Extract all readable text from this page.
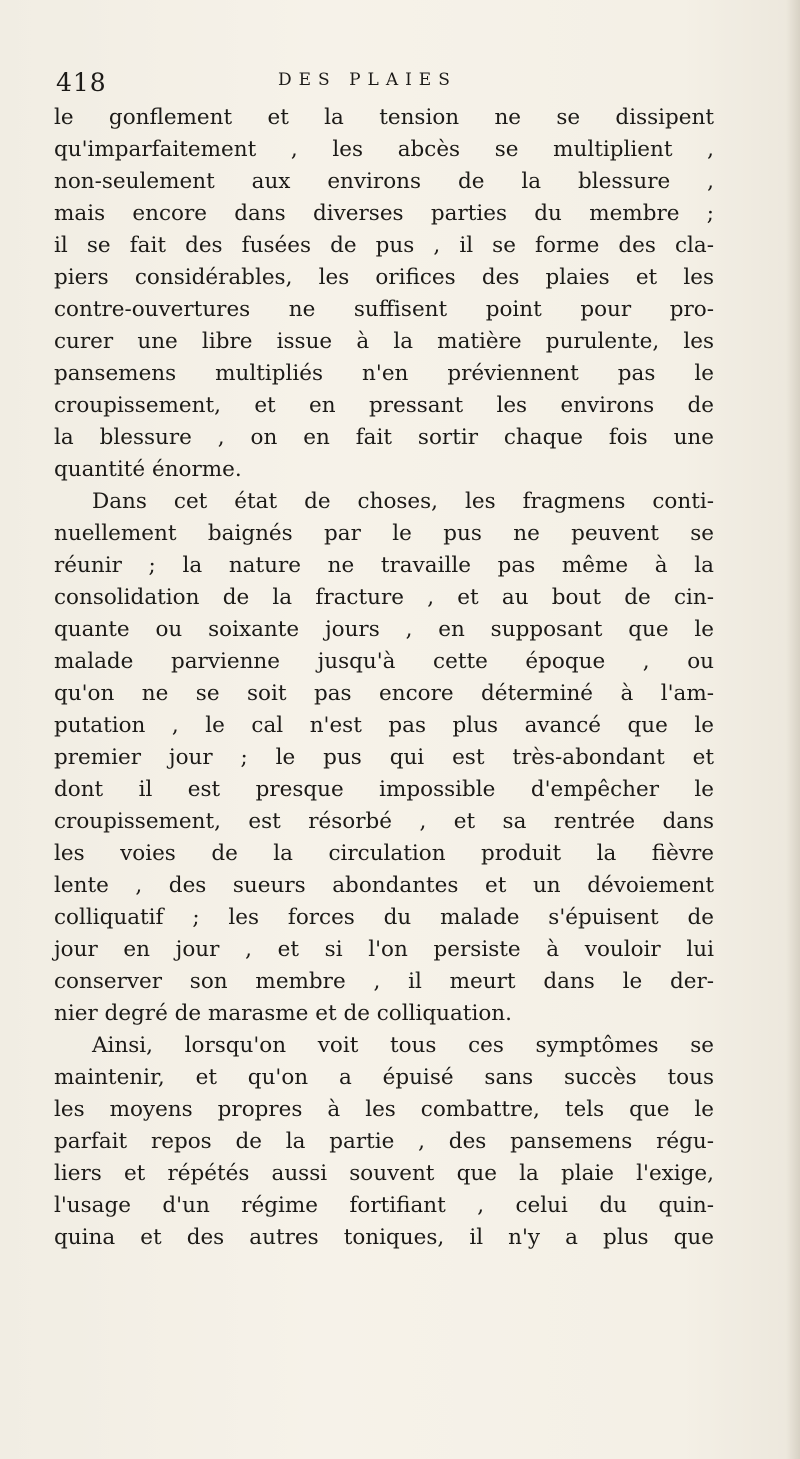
418	DES PLAIES
le gonflement et la tension ne se dissipent
qu'imparfaitement , les abcès se multiplient ,
non-seulement aux environs de la blessure ,
mais encore dans diverses parties du membre ;
il se fait des fusées de pus , il se forme des cla-
piers considérables, les orifices des plaies et les
contre-ouvertures ne suffisent point pour pro-
curer une libre issue à la matière purulente, les
pansemens multipliés n'en préviennent pas le
croupissement, et en pressant les environs de
la blessure , on en fait sortir chaque fois une
quantité énorme.
Dans cet état de choses, les fragmens conti-
nuellement baignés par le pus ne peuvent se
réunir ; la nature ne travaille pas même à la
consolidation de la fracture , et au bout de cin-
quante ou soixante jours , en supposant que le
malade parvienne jusqu'à cette époque , ou
qu'on ne se soit pas encore déterminé à l'am-
putation , le cal n'est pas plus avancé que le
premier jour ; le pus qui est très-abondant et
dont il est presque impossible d'empêcher le
croupissement, est résorbé , et sa rentrée dans
les voies de la circulation produit la fièvre
lente , des sueurs abondantes et un dévoiement
colliquatif ; les forces du malade s'épuisent de
jour en jour , et si l'on persiste à vouloir lui
conserver son membre , il meurt dans le der-
nier degré de marasme et de colliquation.
Ainsi, lorsqu'on voit tous ces symptômes se
maintenir, et qu'on a épuisé sans succès tous
les moyens propres à les combattre, tels que le
parfait repos de la partie , des pansemens régu-
liers et répétés aussi souvent que la plaie l'exige,
l'usage d'un régime fortifiant , celui du quin-
quina et des autres toniques, il n'y a plus que
